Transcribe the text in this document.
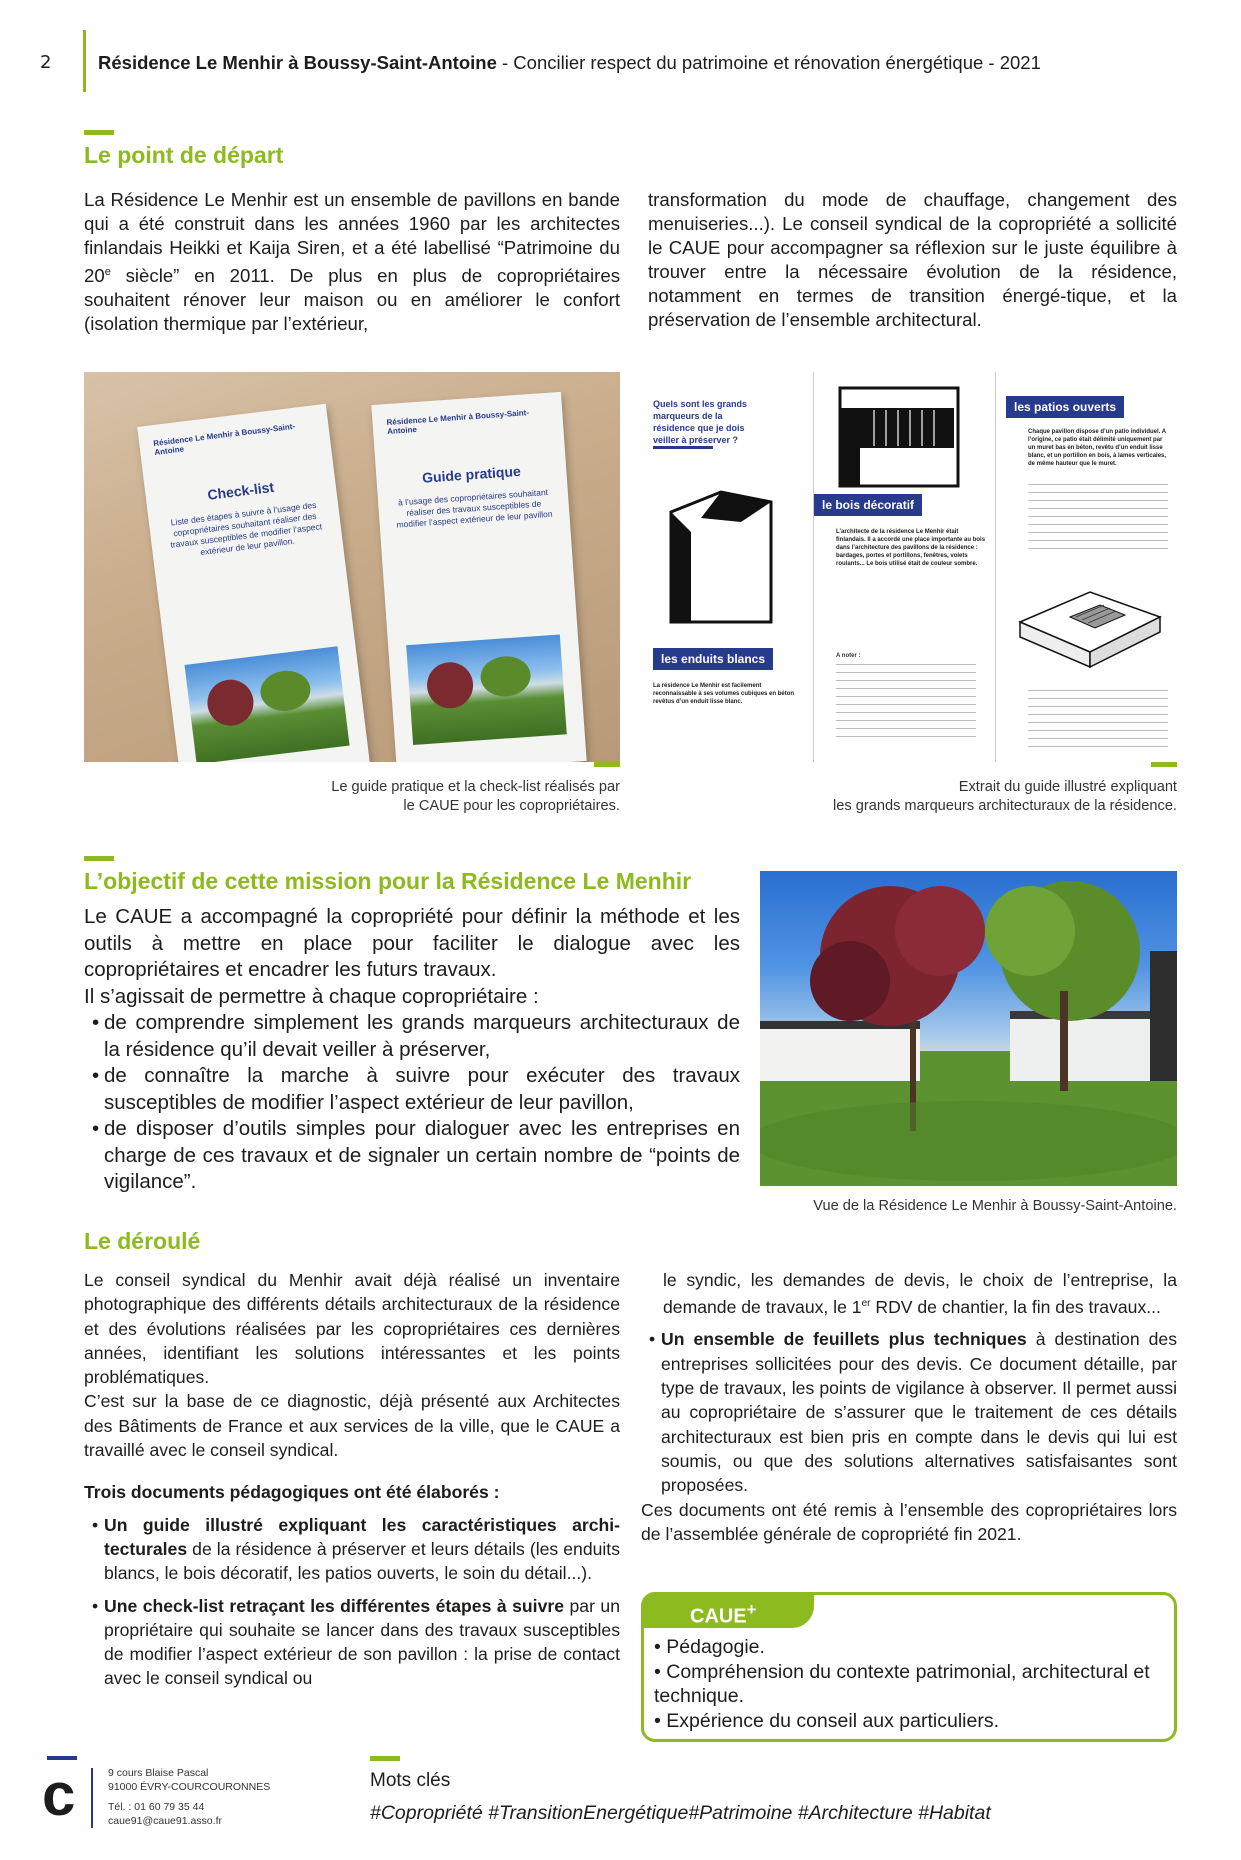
2	Résidence Le Menhir à Boussy-Saint-Antoine - Concilier respect du patrimoine et rénovation énergétique - 2021
Le point de départ
La Résidence Le Menhir est un ensemble de pavillons en bande qui a été construit dans les années 1960 par les architectes finlandais Heikki et Kaija Siren, et a été labellisé “Patrimoine du 20e siècle” en 2011. De plus en plus de copropriétaires souhaitent rénover leur maison ou en améliorer le confort (isolation thermique par l’extérieur,
transformation du mode de chauffage, changement des menuiseries...). Le conseil syndical de la copropriété a sollicité le CAUE pour accompagner sa réflexion sur le juste équilibre à trouver entre la nécessaire évolution de la résidence, notamment en termes de transition énergé-tique, et la préservation de l’ensemble architectural.
Résidence Le Menhir à Boussy-Saint-Antoine
Check-list
Liste des étapes à suivre à l’usage des copropriétaires souhaitant réaliser des travaux susceptibles de modifier l’aspect extérieur de leur pavillon.
Résidence Le Menhir à Boussy-Saint-Antoine
Guide pratique
à l’usage des copropriétaires souhaitant réaliser des travaux susceptibles de modifier l’aspect extérieur de leur pavillon
Le guide pratique et la check-list réalisés par
le CAUE pour les copropriétaires.
Quels sont les grands marqueurs de la résidence que je dois veiller à préserver ?
les enduits blancs
La résidence Le Menhir est facilement reconnaissable à ses volumes cubiques en béton revêtus d’un enduit lisse blanc.
le bois décoratif
L’architecte de la résidence Le Menhir était finlandais. Il a accordé une place importante au bois dans l’architecture des pavillons de la résidence : bardages, portes et portillons, fenêtres, volets roulants... Le bois utilisé était de couleur sombre.
A noter :
les patios ouverts
Chaque pavillon dispose d’un patio individuel. A l’origine, ce patio était délimité uniquement par un muret bas en béton, revêtu d’un enduit lisse blanc, et un portillon en bois, à lames verticales, de même hauteur que le muret.
Extrait du guide illustré expliquant
les grands marqueurs architecturaux de la résidence.
L’objectif de cette mission pour la Résidence Le Menhir
Le CAUE a accompagné la copropriété pour définir la méthode et les outils à mettre en place pour faciliter le dialogue avec les copropriétaires et encadrer les futurs travaux.
Il s’agissait de permettre à chaque copropriétaire :
• de comprendre simplement les grands marqueurs architecturaux de la résidence qu’il devait veiller à préserver,
• de connaître la marche à suivre pour exécuter des travaux susceptibles de modifier l’aspect extérieur de leur pavillon,
• de disposer d’outils simples pour dialoguer avec les entreprises en charge de ces travaux et de signaler un certain nombre de “points de vigilance”.
Vue de la Résidence Le Menhir à Boussy-Saint-Antoine.
Le déroulé
Le conseil syndical du Menhir avait déjà réalisé un inventaire photographique des différents détails architecturaux de la résidence et des évolutions réalisées par les copropriétaires ces dernières années, identifiant les solutions intéressantes et les points problématiques.
C’est sur la base de ce diagnostic, déjà présenté aux Architectes des Bâtiments de France et aux services de la ville, que le CAUE a travaillé avec le conseil syndical.
Trois documents pédagogiques ont été élaborés :
• Un guide illustré expliquant les caractéristiques archi-tecturales de la résidence à préserver et leurs détails (les enduits blancs, le bois décoratif, les patios ouverts, le soin du détail...).
• Une check-list retraçant les différentes étapes à suivre par un propriétaire qui souhaite se lancer dans des travaux susceptibles de modifier l’aspect extérieur de son pavillon : la prise de contact avec le conseil syndical ou
le syndic, les demandes de devis, le choix de l’entreprise, la demande de travaux, le 1er RDV de chantier, la fin des travaux...
• Un ensemble de feuillets plus techniques à destination des entreprises sollicitées pour des devis. Ce document détaille, par type de travaux, les points de vigilance à observer. Il permet aussi au copropriétaire de s’assurer que le traitement de ces détails architecturaux est bien pris en compte dans le devis qui lui est soumis, ou que des solutions alternatives satisfaisantes sont proposées.
Ces documents ont été remis à l’ensemble des copropriétaires lors de l’assemblée générale de copropriété fin 2021.
CAUE+
• Pédagogie.
• Compréhension du contexte patrimonial, architectural et technique.
• Expérience du conseil aux particuliers.
c	9 cours Blaise Pascal
91000 ÉVRY-COURCOURONNES
Tél. : 01 60 79 35 44
caue91@caue91.asso.fr
Mots clés
#Copropriété #TransitionEnergétique#Patrimoine #Architecture #Habitat
